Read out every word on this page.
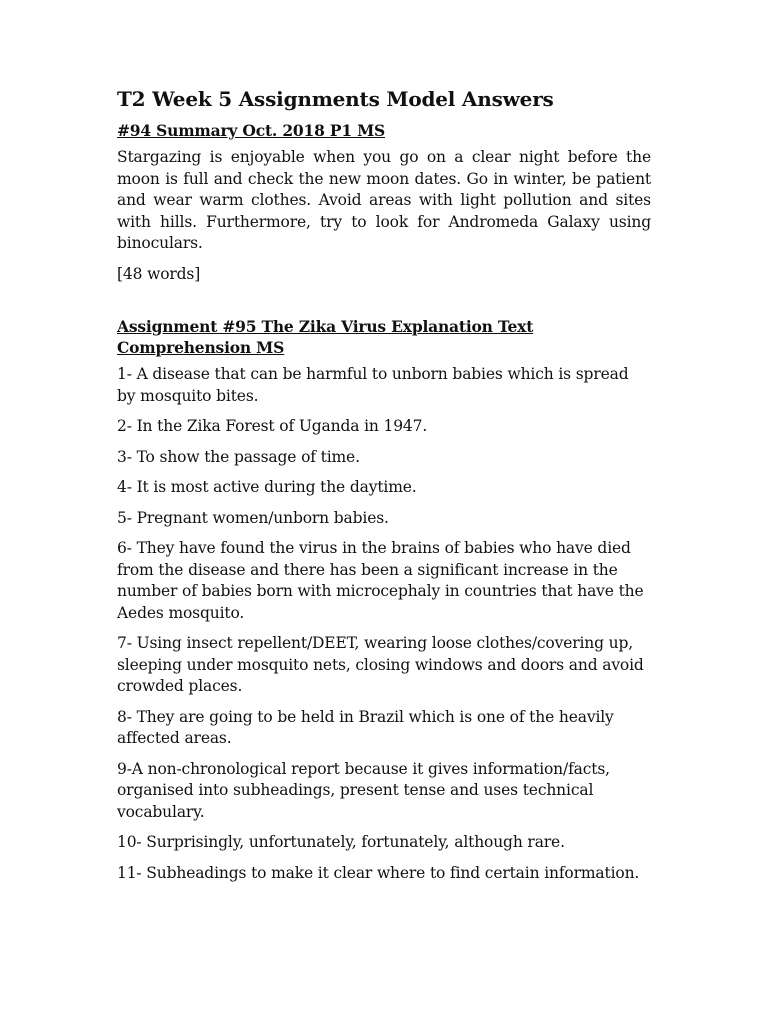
T2 Week 5 Assignments Model Answers
#94 Summary Oct. 2018 P1 MS

Stargazing is enjoyable when you go on a clear night before the moon is full and check the new moon dates. Go in winter, be patient and wear warm clothes. Avoid areas with light pollution and sites with hills. Furthermore, try to look for Andromeda Galaxy using binoculars.

[48 words]

Assignment #95 The Zika Virus Explanation Text Comprehension MS
1- A disease that can be harmful to unborn babies which is spread by mosquito bites.
2- In the Zika Forest of Uganda in 1947.
3- To show the passage of time.
4- It is most active during the daytime.
5- Pregnant women/unborn babies.
6- They have found the virus in the brains of babies who have died from the disease and there has been a significant increase in the number of babies born with microcephaly in countries that have the Aedes mosquito.
7- Using insect repellent/DEET, wearing loose clothes/covering up, sleeping under mosquito nets, closing windows and doors and avoid crowded places.
8- They are going to be held in Brazil which is one of the heavily affected areas.
9-A non-chronological report because it gives information/facts, organised into subheadings, present tense and uses technical vocabulary.
10- Surprisingly, unfortunately, fortunately, although rare.
11- Subheadings to make it clear where to find certain information.
